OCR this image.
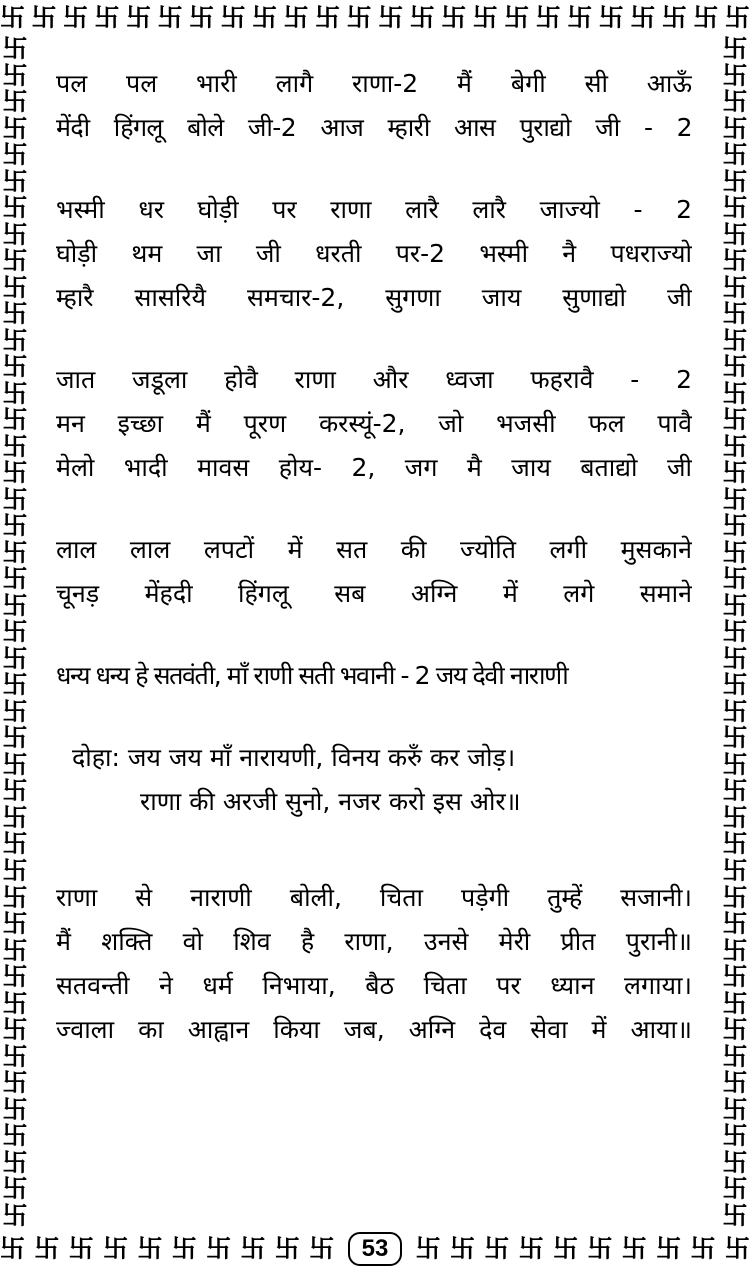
卐 卐 卐 卐 卐 卐 卐 卐 卐 卐 卐 卐 卐 卐 卐 卐 卐 卐 卐 卐 卐 卐 卐 卐
卐
卐
卐
卐
卐
卐
卐
卐
卐
卐
卐
卐
卐
卐
卐
卐
卐
卐
卐
卐
卐
卐
卐
卐
卐
卐
卐
卐
卐
卐
卐
卐
卐
卐
卐
卐
卐
卐
卐
卐
卐
卐
卐
卐
卐
卐
卐
卐
卐
卐
卐
卐
卐
卐
卐
卐
卐
卐
卐
卐
卐
卐
卐
卐
卐
卐
卐
卐
卐
卐
卐
卐
卐
卐
卐
卐
卐
卐
卐
卐
卐
卐
卐
卐
卐
卐
卐
卐
卐
卐
卐 卐 卐 卐 卐 卐 卐 卐 卐 卐	53	卐 卐 卐 卐 卐 卐 卐 卐 卐 卐
पल पल भारी लागै राणा-2 मैं बेगी सी आऊँ
मेंदी हिंगलू बोले जी-2 आज म्हारी आस पुराद्यो जी - 2
भस्मी धर घोड़ी पर राणा लारै लारै जाज्यो - 2
घोड़ी थम जा जी धरती पर-2 भस्मी नै पधराज्यो
म्हारै सासरियै समचार-2, सुगणा जाय सुणाद्यो जी
जात जडूला होवै राणा और ध्वजा फहरावै - 2
मन इच्छा मैं पूरण करस्यूं-2, जो भजसी फल पावै
मेलो भादी मावस होय- 2, जग मै जाय बताद्यो जी
लाल लाल लपटों में सत की ज्योति लगी मुसकाने
चूनड़ मेंहदी हिंगलू सब अग्नि में लगे समाने
धन्य धन्य हे सतवंती, माँ राणी सती भवानी - 2 जय देवी नाराणी
दोहा: जय जय माँ नारायणी, विनय करुँ कर जोड़।
राणा की अरजी सुनो, नजर करो इस ओर॥
राणा से नाराणी बोली, चिता पड़ेगी तुम्हें सजानी।
मैं शक्ति वो शिव है राणा, उनसे मेरी प्रीत पुरानी॥
सतवन्ती ने धर्म निभाया, बैठ चिता पर ध्यान लगाया।
ज्वाला का आह्वान किया जब, अग्नि देव सेवा में आया॥
